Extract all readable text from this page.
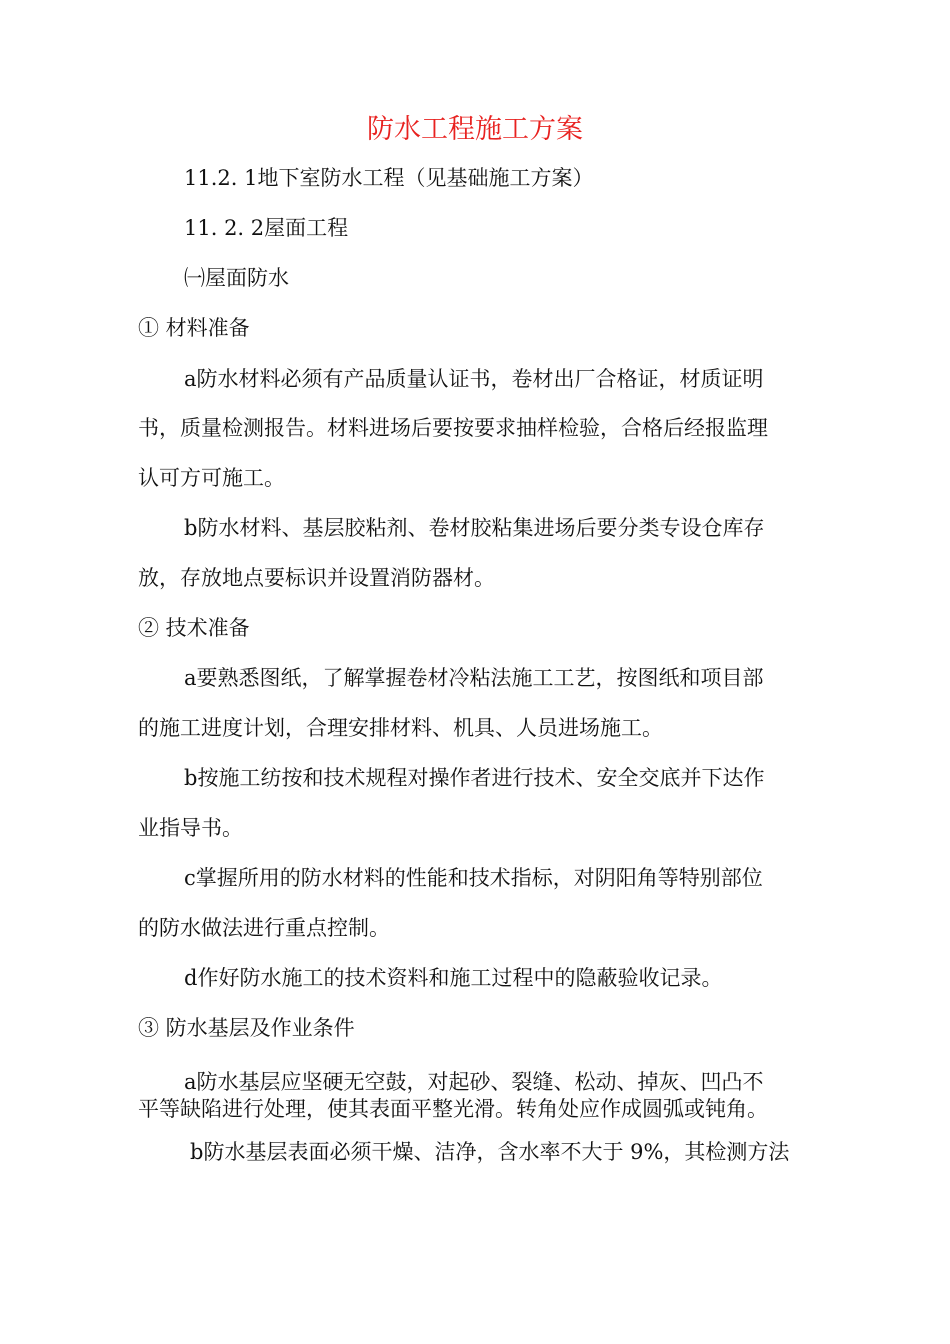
防水工程施工方案
11.2. 1地下室防水工程（见基础施工方案）
11. 2. 2屋面工程
㈠屋面防水
① 材料准备
a防水材料必须有产品质量认证书，卷材出厂合格证，材质证明
书，质量检测报告。材料进场后要按要求抽样检验，合格后经报监理
认可方可施工。
b防水材料、基层胶粘剂、卷材胶粘集进场后要分类专设仓库存
放，存放地点要标识并设置消防器材。
② 技术准备
a要熟悉图纸，了解掌握卷材冷粘法施工工艺，按图纸和项目部
的施工进度计划，合理安排材料、机具、人员进场施工。
b按施工纺按和技术规程对操作者进行技术、安全交底并下达作
业指导书。
c掌握所用的防水材料的性能和技术指标，对阴阳角等特别部位
的防水做法进行重点控制。
d作好防水施工的技术资料和施工过程中的隐蔽验收记录。
③ 防水基层及作业条件
a防水基层应坚硬无空鼓，对起砂、裂缝、松动、掉灰、凹凸不
平等缺陷进行处理，使其表面平整光滑。转角处应作成圆弧或钝角。
b防水基层表面必须干燥、洁净，含水率不大于 9%，其检测方法
